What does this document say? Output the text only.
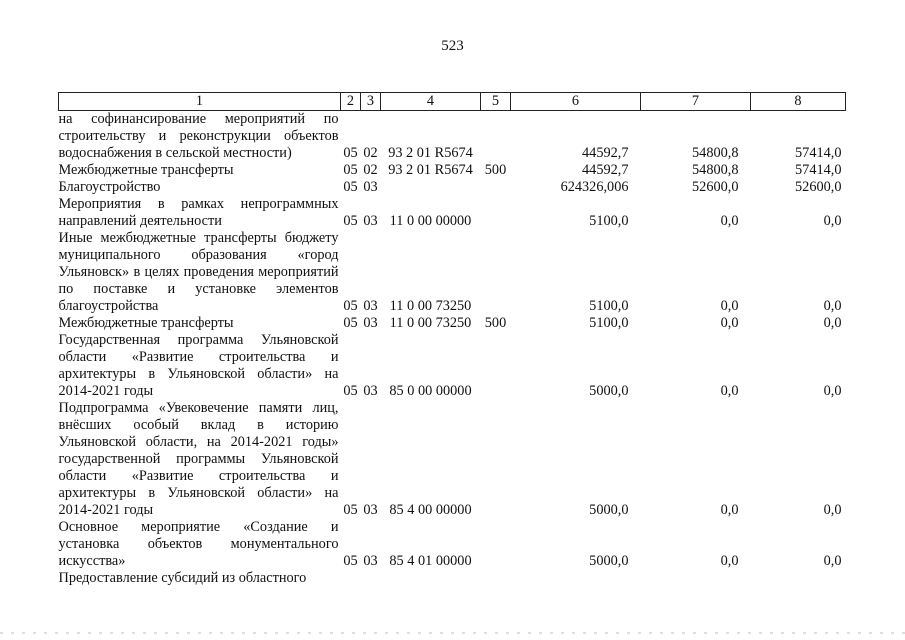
523
1	2	3	4	5	6	7	8
на софинансирование мероприятий по строительству и реконструкции объектов водоснабжения в сельской местности)	05	02	93 2 01 R5674		44592,7	54800,8	57414,0
Межбюджетные трансферты	05	02	93 2 01 R5674	500	44592,7	54800,8	57414,0
Благоустройство	05	03			624326,006	52600,0	52600,0
Мероприятия в рамках непрограммных направлений деятельности	05	03	11 0 00 00000		5100,0	0,0	0,0
Иные межбюджетные трансферты бюджету муниципального образования «город Ульяновск» в целях проведения мероприятий по поставке и установке элементов благоустройства	05	03	11 0 00 73250		5100,0	0,0	0,0
Межбюджетные трансферты	05	03	11 0 00 73250	500	5100,0	0,0	0,0
Государственная программа Ульяновской области «Развитие строительства и архитектуры в Ульяновской области» на 2014-2021 годы	05	03	85 0 00 00000		5000,0	0,0	0,0
Подпрограмма «Увековечение памяти лиц, внёсших особый вклад в историю Ульяновской области, на 2014-2021 годы» государственной программы Ульяновской области «Развитие строительства и архитектуры в Ульяновской области» на 2014-2021 годы	05	03	85 4 00 00000		5000,0	0,0	0,0
Основное мероприятие «Создание и установка объектов монументального искусства»	05	03	85 4 01 00000		5000,0	0,0	0,0
Предоставление субсидий из областного							
